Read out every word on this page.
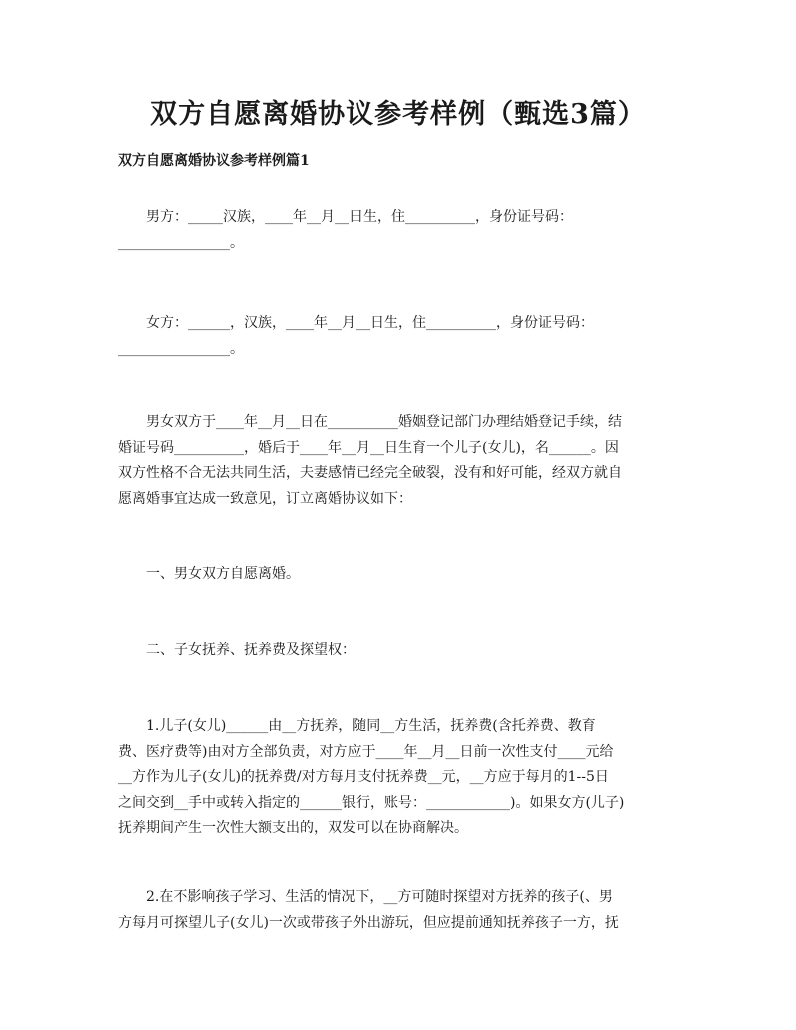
双方自愿离婚协议参考样例（甄选3篇）
双方自愿离婚协议参考样例篇1
男方：_____汉族，____年__月__日生，住__________，身份证号码：
________________。
女方：______，汉族，____年__月__日生，住__________，身份证号码：
________________。
男女双方于____年__月__日在__________婚姻登记部门办理结婚登记手续，结
婚证号码__________，婚后于____年__月__日生育一个儿子(女儿)，名______。因
双方性格不合无法共同生活，夫妻感情已经完全破裂，没有和好可能，经双方就自
愿离婚事宜达成一致意见，订立离婚协议如下：
一、男女双方自愿离婚。
二、子女抚养、抚养费及探望权：
1.儿子(女儿)______由__方抚养，随同__方生活，抚养费(含托养费、教育
费、医疗费等)由对方全部负责，对方应于____年__月__日前一次性支付____元给
__方作为儿子(女儿)的抚养费/对方每月支付抚养费__元，__方应于每月的1--5日
之间交到__手中或转入指定的______银行，账号：____________)。如果女方(儿子)
抚养期间产生一次性大额支出的，双发可以在协商解决。
2.在不影响孩子学习、生活的情况下，__方可随时探望对方抚养的孩子(、男
方每月可探望儿子(女儿)一次或带孩子外出游玩，但应提前通知抚养孩子一方，抚
